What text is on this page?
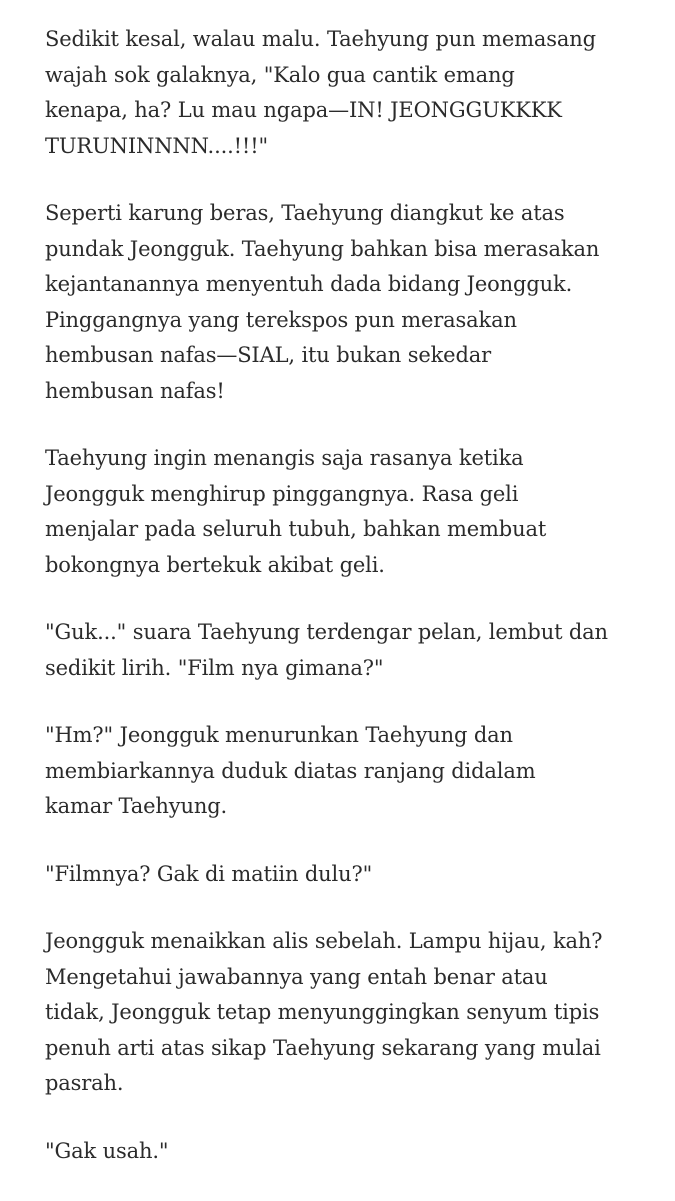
Sedikit kesal, walau malu. Taehyung pun memasang
wajah sok galaknya, "Kalo gua cantik emang
kenapa, ha? Lu mau ngapa—IN! JEONGGUKKKK
TURUNINNNN....!!!"

Seperti karung beras, Taehyung diangkut ke atas
pundak Jeongguk. Taehyung bahkan bisa merasakan
kejantanannya menyentuh dada bidang Jeongguk.
Pinggangnya yang terekspos pun merasakan
hembusan nafas—SIAL, itu bukan sekedar
hembusan nafas!

Taehyung ingin menangis saja rasanya ketika
Jeongguk menghirup pinggangnya. Rasa geli
menjalar pada seluruh tubuh, bahkan membuat
bokongnya bertekuk akibat geli.

"Guk..." suara Taehyung terdengar pelan, lembut dan
sedikit lirih. "Film nya gimana?"

"Hm?" Jeongguk menurunkan Taehyung dan
membiarkannya duduk diatas ranjang didalam
kamar Taehyung.

"Filmnya? Gak di matiin dulu?"

Jeongguk menaikkan alis sebelah. Lampu hijau, kah?
Mengetahui jawabannya yang entah benar atau
tidak, Jeongguk tetap menyunggingkan senyum tipis
penuh arti atas sikap Taehyung sekarang yang mulai
pasrah.

"Gak usah."
